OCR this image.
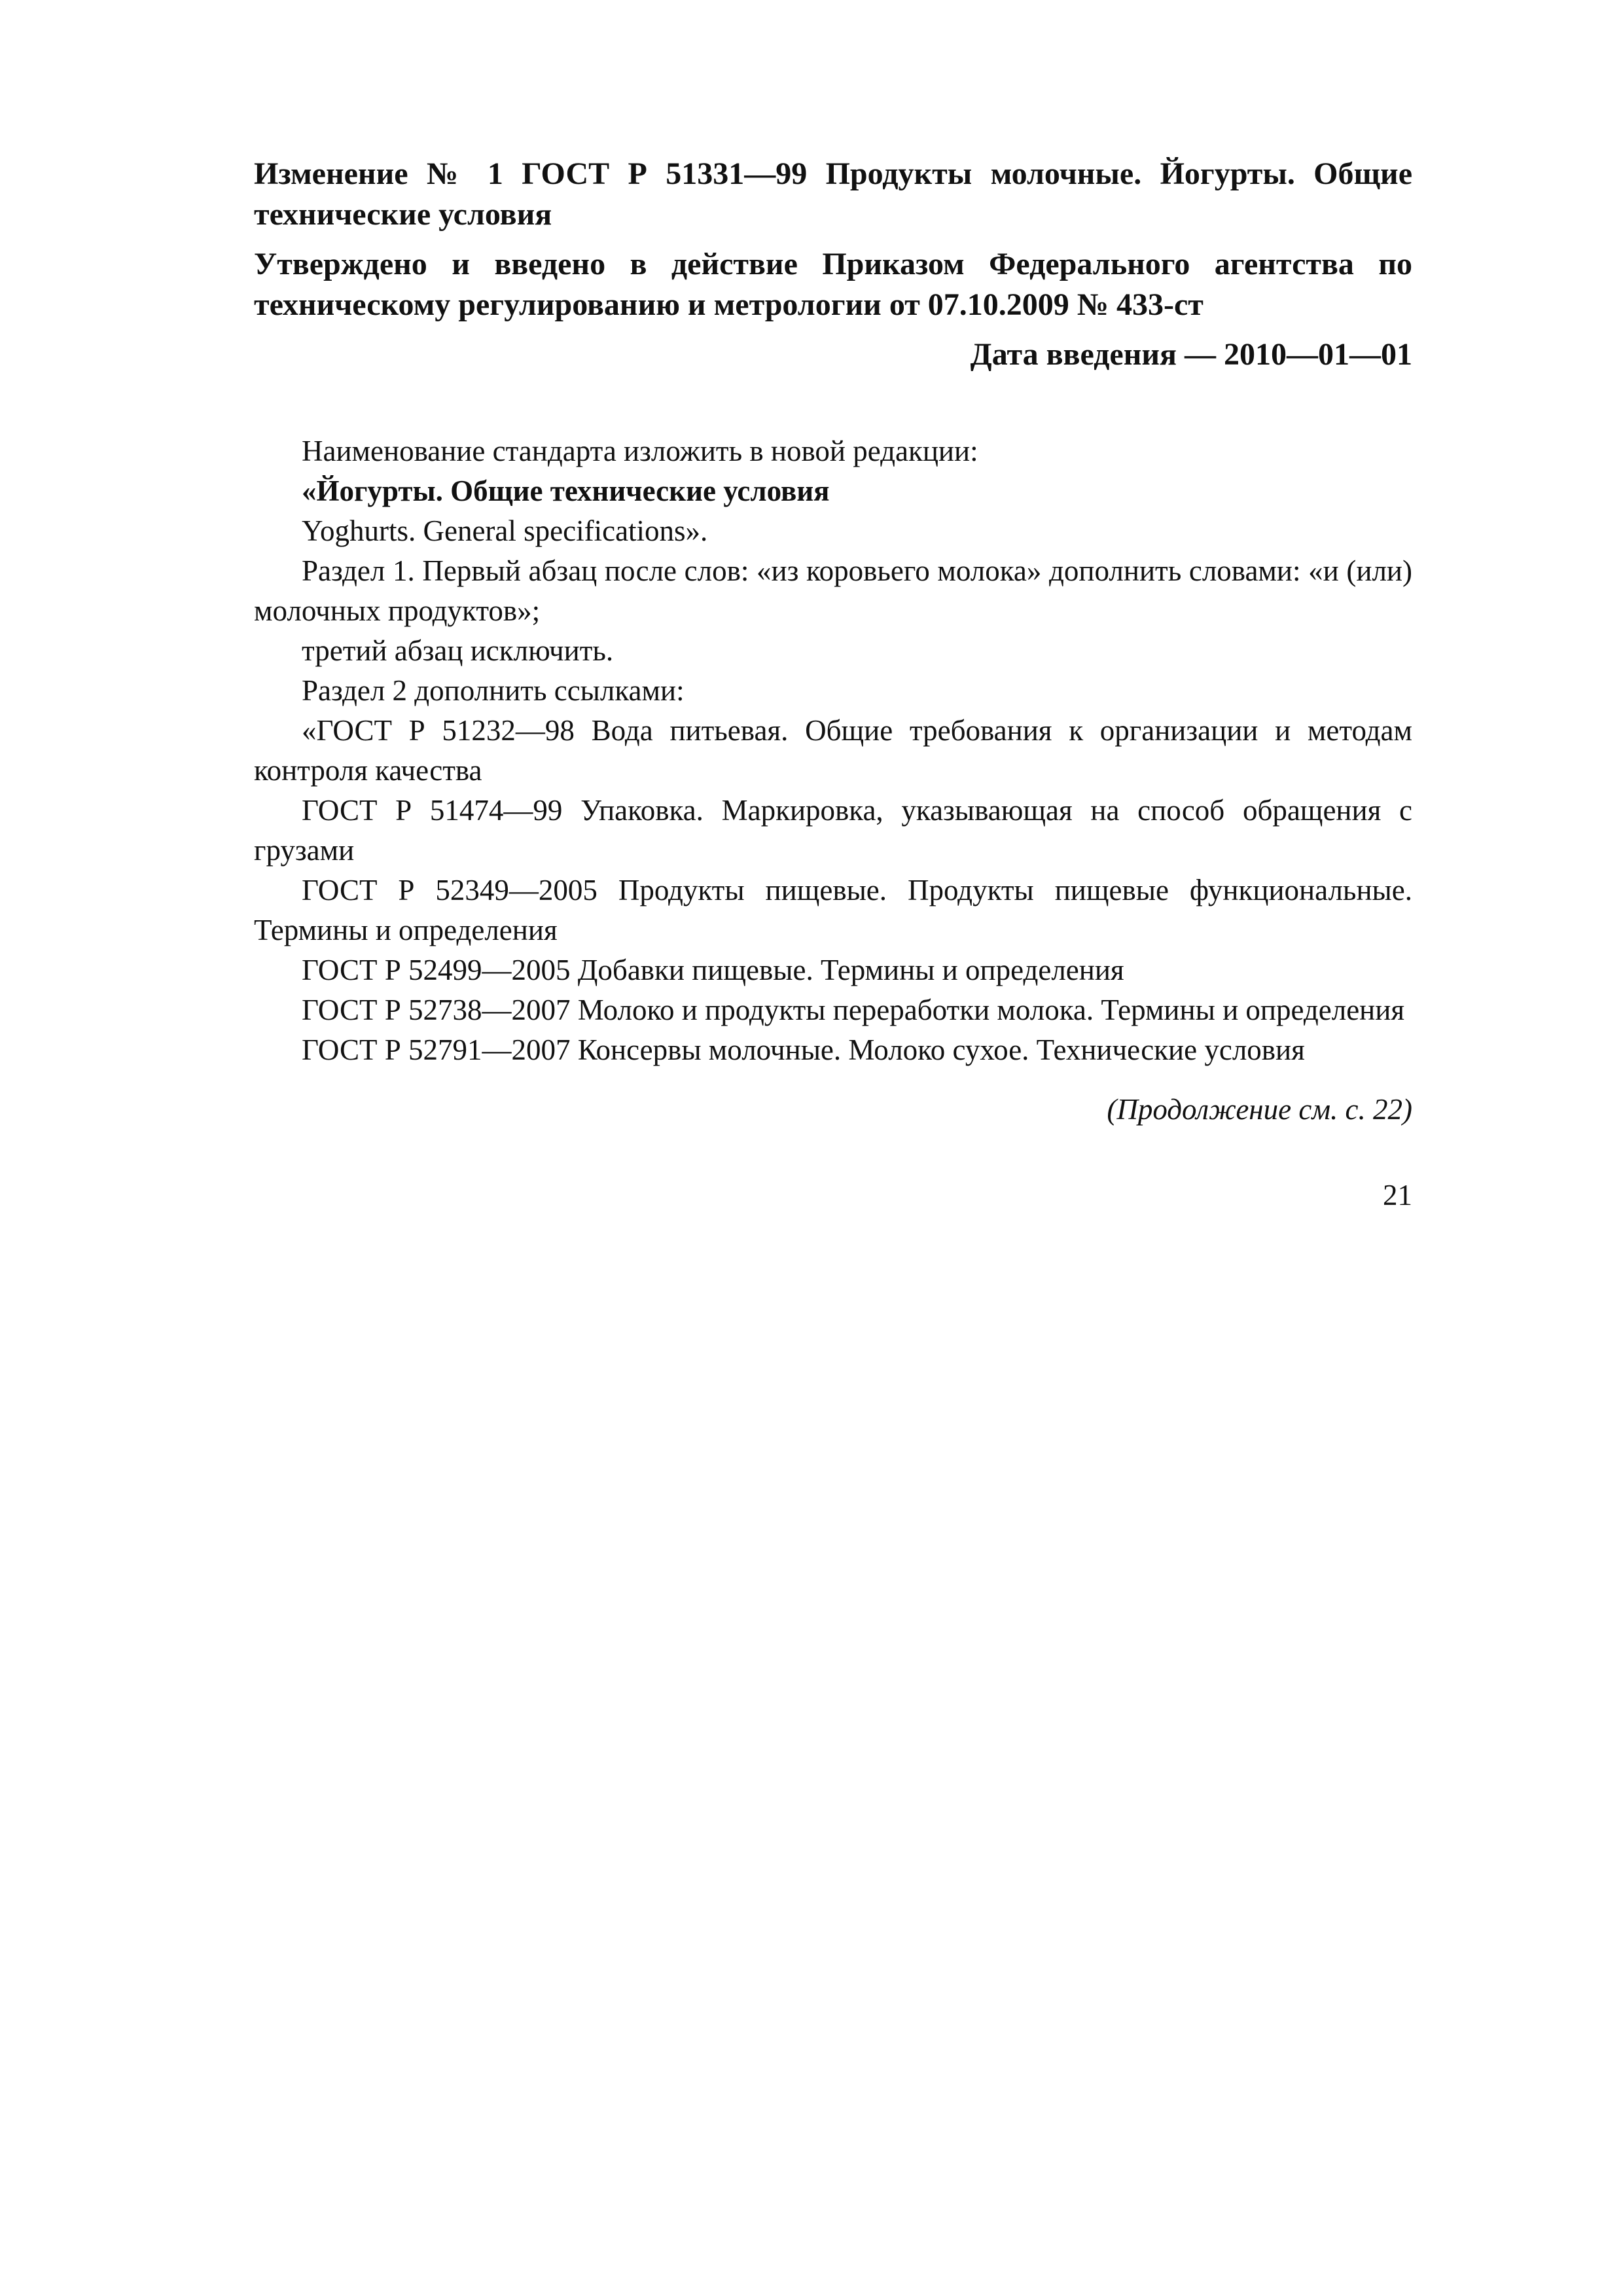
Изменение № 1 ГОСТ Р 51331—99 Продукты молочные. Йогурты. Общие технические условия

Утверждено и введено в действие Приказом Федерального агентства по техническому регулированию и метрологии от 07.10.2009 № 433-ст

Дата введения — 2010—01—01

Наименование стандарта изложить в новой редакции:

«Йогурты. Общие технические условия

Yoghurts. General specifications».

Раздел 1. Первый абзац после слов: «из коровьего молока» дополнить словами: «и (или) молочных продуктов»;

третий абзац исключить.

Раздел 2 дополнить ссылками:

«ГОСТ Р 51232—98 Вода питьевая. Общие требования к организации и методам контроля качества

ГОСТ Р 51474—99 Упаковка. Маркировка, указывающая на способ обращения с грузами

ГОСТ Р 52349—2005 Продукты пищевые. Продукты пищевые функциональные. Термины и определения

ГОСТ Р 52499—2005 Добавки пищевые. Термины и определения

ГОСТ Р 52738—2007 Молоко и продукты переработки молока. Термины и определения

ГОСТ Р 52791—2007 Консервы молочные. Молоко сухое. Технические условия

(Продолжение см. с. 22)
21
